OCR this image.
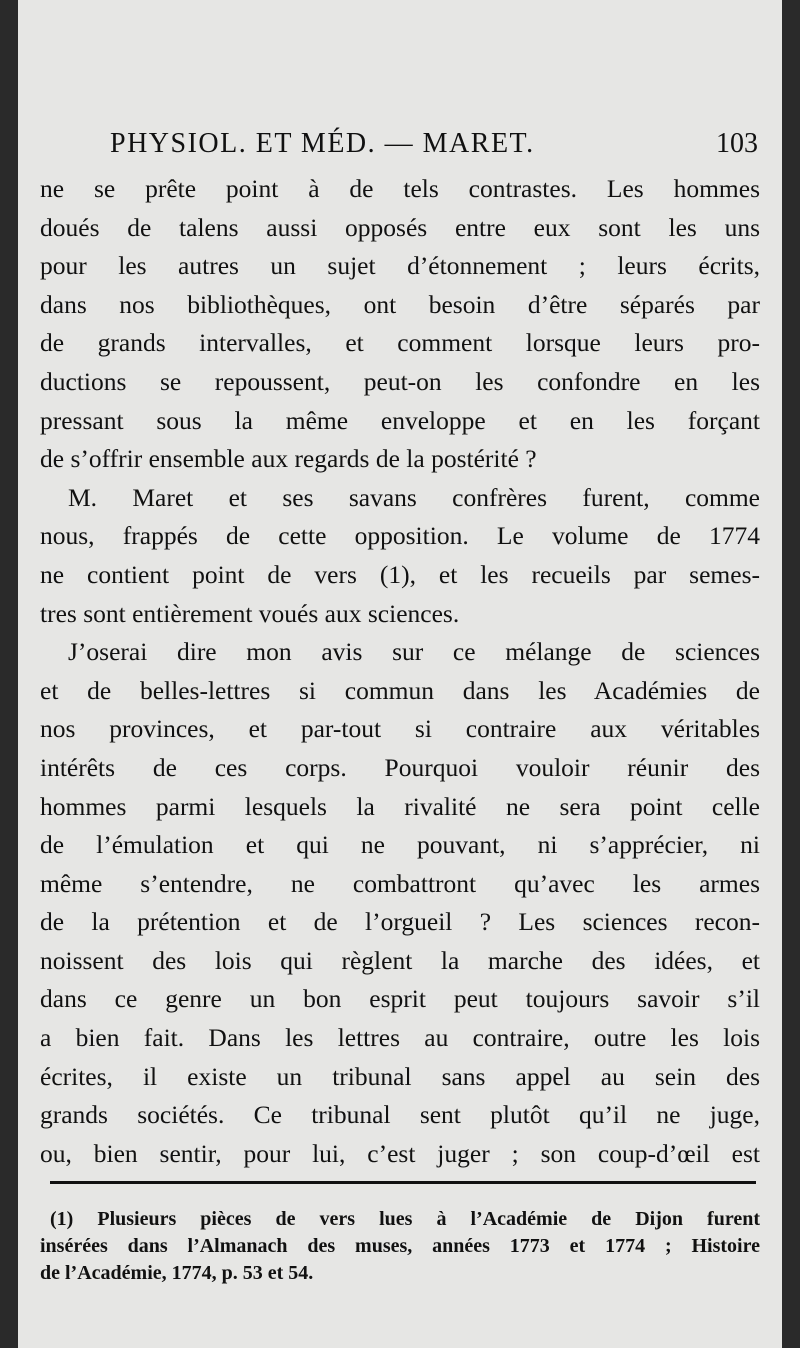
PHYSIOL. ET MÉD. — MARET.	103
ne se prête point à de tels contrastes. Les hommes
doués de talens aussi opposés entre eux sont les uns
pour les autres un sujet d’étonnement ; leurs écrits,
dans nos bibliothèques, ont besoin d’être séparés par
de grands intervalles, et comment lorsque leurs pro-
ductions se repoussent, peut-on les confondre en les
pressant sous la même enveloppe et en les forçant
de s’offrir ensemble aux regards de la postérité ?
M. Maret et ses savans confrères furent, comme
nous, frappés de cette opposition. Le volume de 1774
ne contient point de vers (1), et les recueils par semes-
tres sont entièrement voués aux sciences.
J’oserai dire mon avis sur ce mélange de sciences
et de belles-lettres si commun dans les Académies de
nos provinces, et par-tout si contraire aux véritables
intérêts de ces corps. Pourquoi vouloir réunir des
hommes parmi lesquels la rivalité ne sera point celle
de l’émulation et qui ne pouvant, ni s’apprécier, ni
même s’entendre, ne combattront qu’avec les armes
de la prétention et de l’orgueil ? Les sciences recon-
noissent des lois qui règlent la marche des idées, et
dans ce genre un bon esprit peut toujours savoir s’il
a bien fait. Dans les lettres au contraire, outre les lois
écrites, il existe un tribunal sans appel au sein des
grands sociétés. Ce tribunal sent plutôt qu’il ne juge,
ou, bien sentir, pour lui, c’est juger ; son coup-d’œil est
(1) Plusieurs pièces de vers lues à l’Académie de Dijon furent
insérées dans l’Almanach des muses, années 1773 et 1774 ; Histoire
de l’Académie, 1774, p. 53 et 54.
